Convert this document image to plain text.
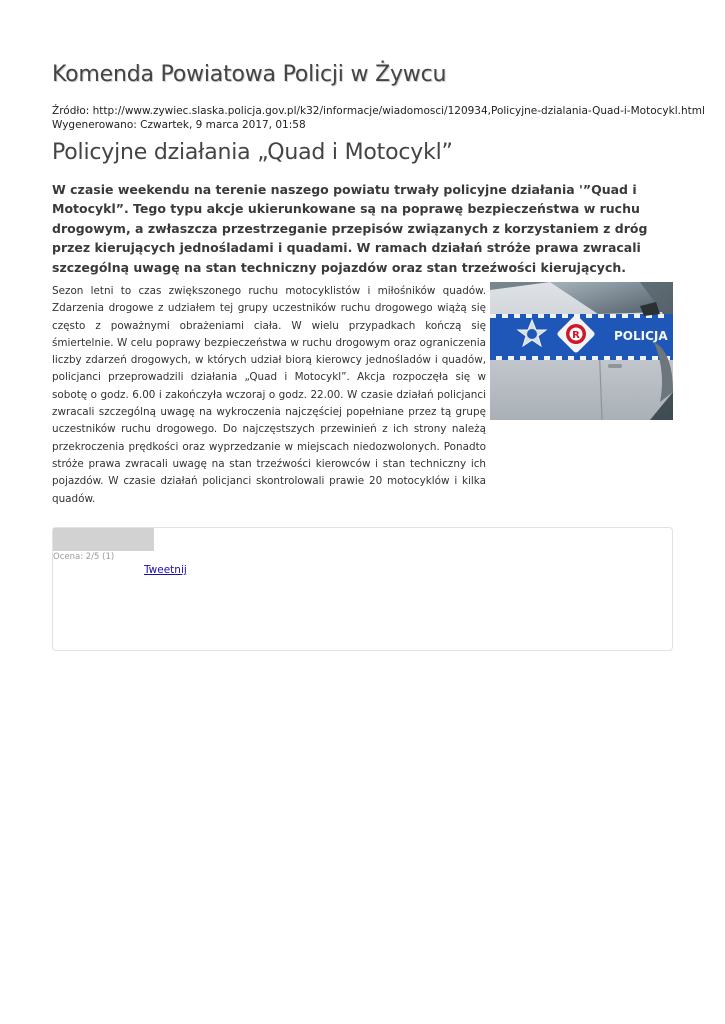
Komenda Powiatowa Policji w Żywcu
Źródło: http://www.zywiec.slaska.policja.gov.pl/k32/informacje/wiadomosci/120934,Policyjne-dzialania-Quad-i-Motocykl.html
Wygenerowano: Czwartek, 9 marca 2017, 01:58
Policyjne działania „Quad i Motocykl”

W czasie weekendu na terenie naszego powiatu trwały policyjne działania '”Quad i Motocykl”. Tego typu akcje ukierunkowane są na poprawę bezpieczeństwa w ruchu drogowym, a zwłaszcza przestrzeganie przepisów związanych z korzystaniem z dróg przez kierujących jednośladami i quadami. W ramach działań stróże prawa zwracali szczególną uwagę na stan techniczny pojazdów oraz stan trzeźwości kierujących.

Sezon letni to czas zwiększonego ruchu motocyklistów i miłośników quadów. Zdarzenia drogowe z udziałem tej grupy uczestników ruchu drogowego wiążą się często z poważnymi obrażeniami ciała. W wielu przypadkach kończą się śmiertelnie. W celu poprawy bezpieczeństwa w ruchu drogowym oraz ograniczenia liczby zdarzeń drogowych, w których udział biorą kierowcy jednośladów i quadów, policjanci przeprowadzili działania „Quad i Motocykl”. Akcja rozpoczęła się w sobotę o godz. 6.00 i zakończyła wczoraj o godz. 22.00. W czasie działań policjanci zwracali szczególną uwagę na wykroczenia najczęściej popełniane przez tą grupę uczestników ruchu drogowego. Do najczęstszych przewinień z ich strony należą przekroczenia prędkości oraz wyprzedzanie w miejscach niedozwolonych. Ponadto stróże prawa zwracali uwagę na stan trzeźwości kierowców i stan techniczny ich pojazdów. W czasie działań policjanci skontrolowali prawie 20 motocyklów i kilka quadów.

R	POLICJA
Ocena: 2/5 (1)
Tweetnij
